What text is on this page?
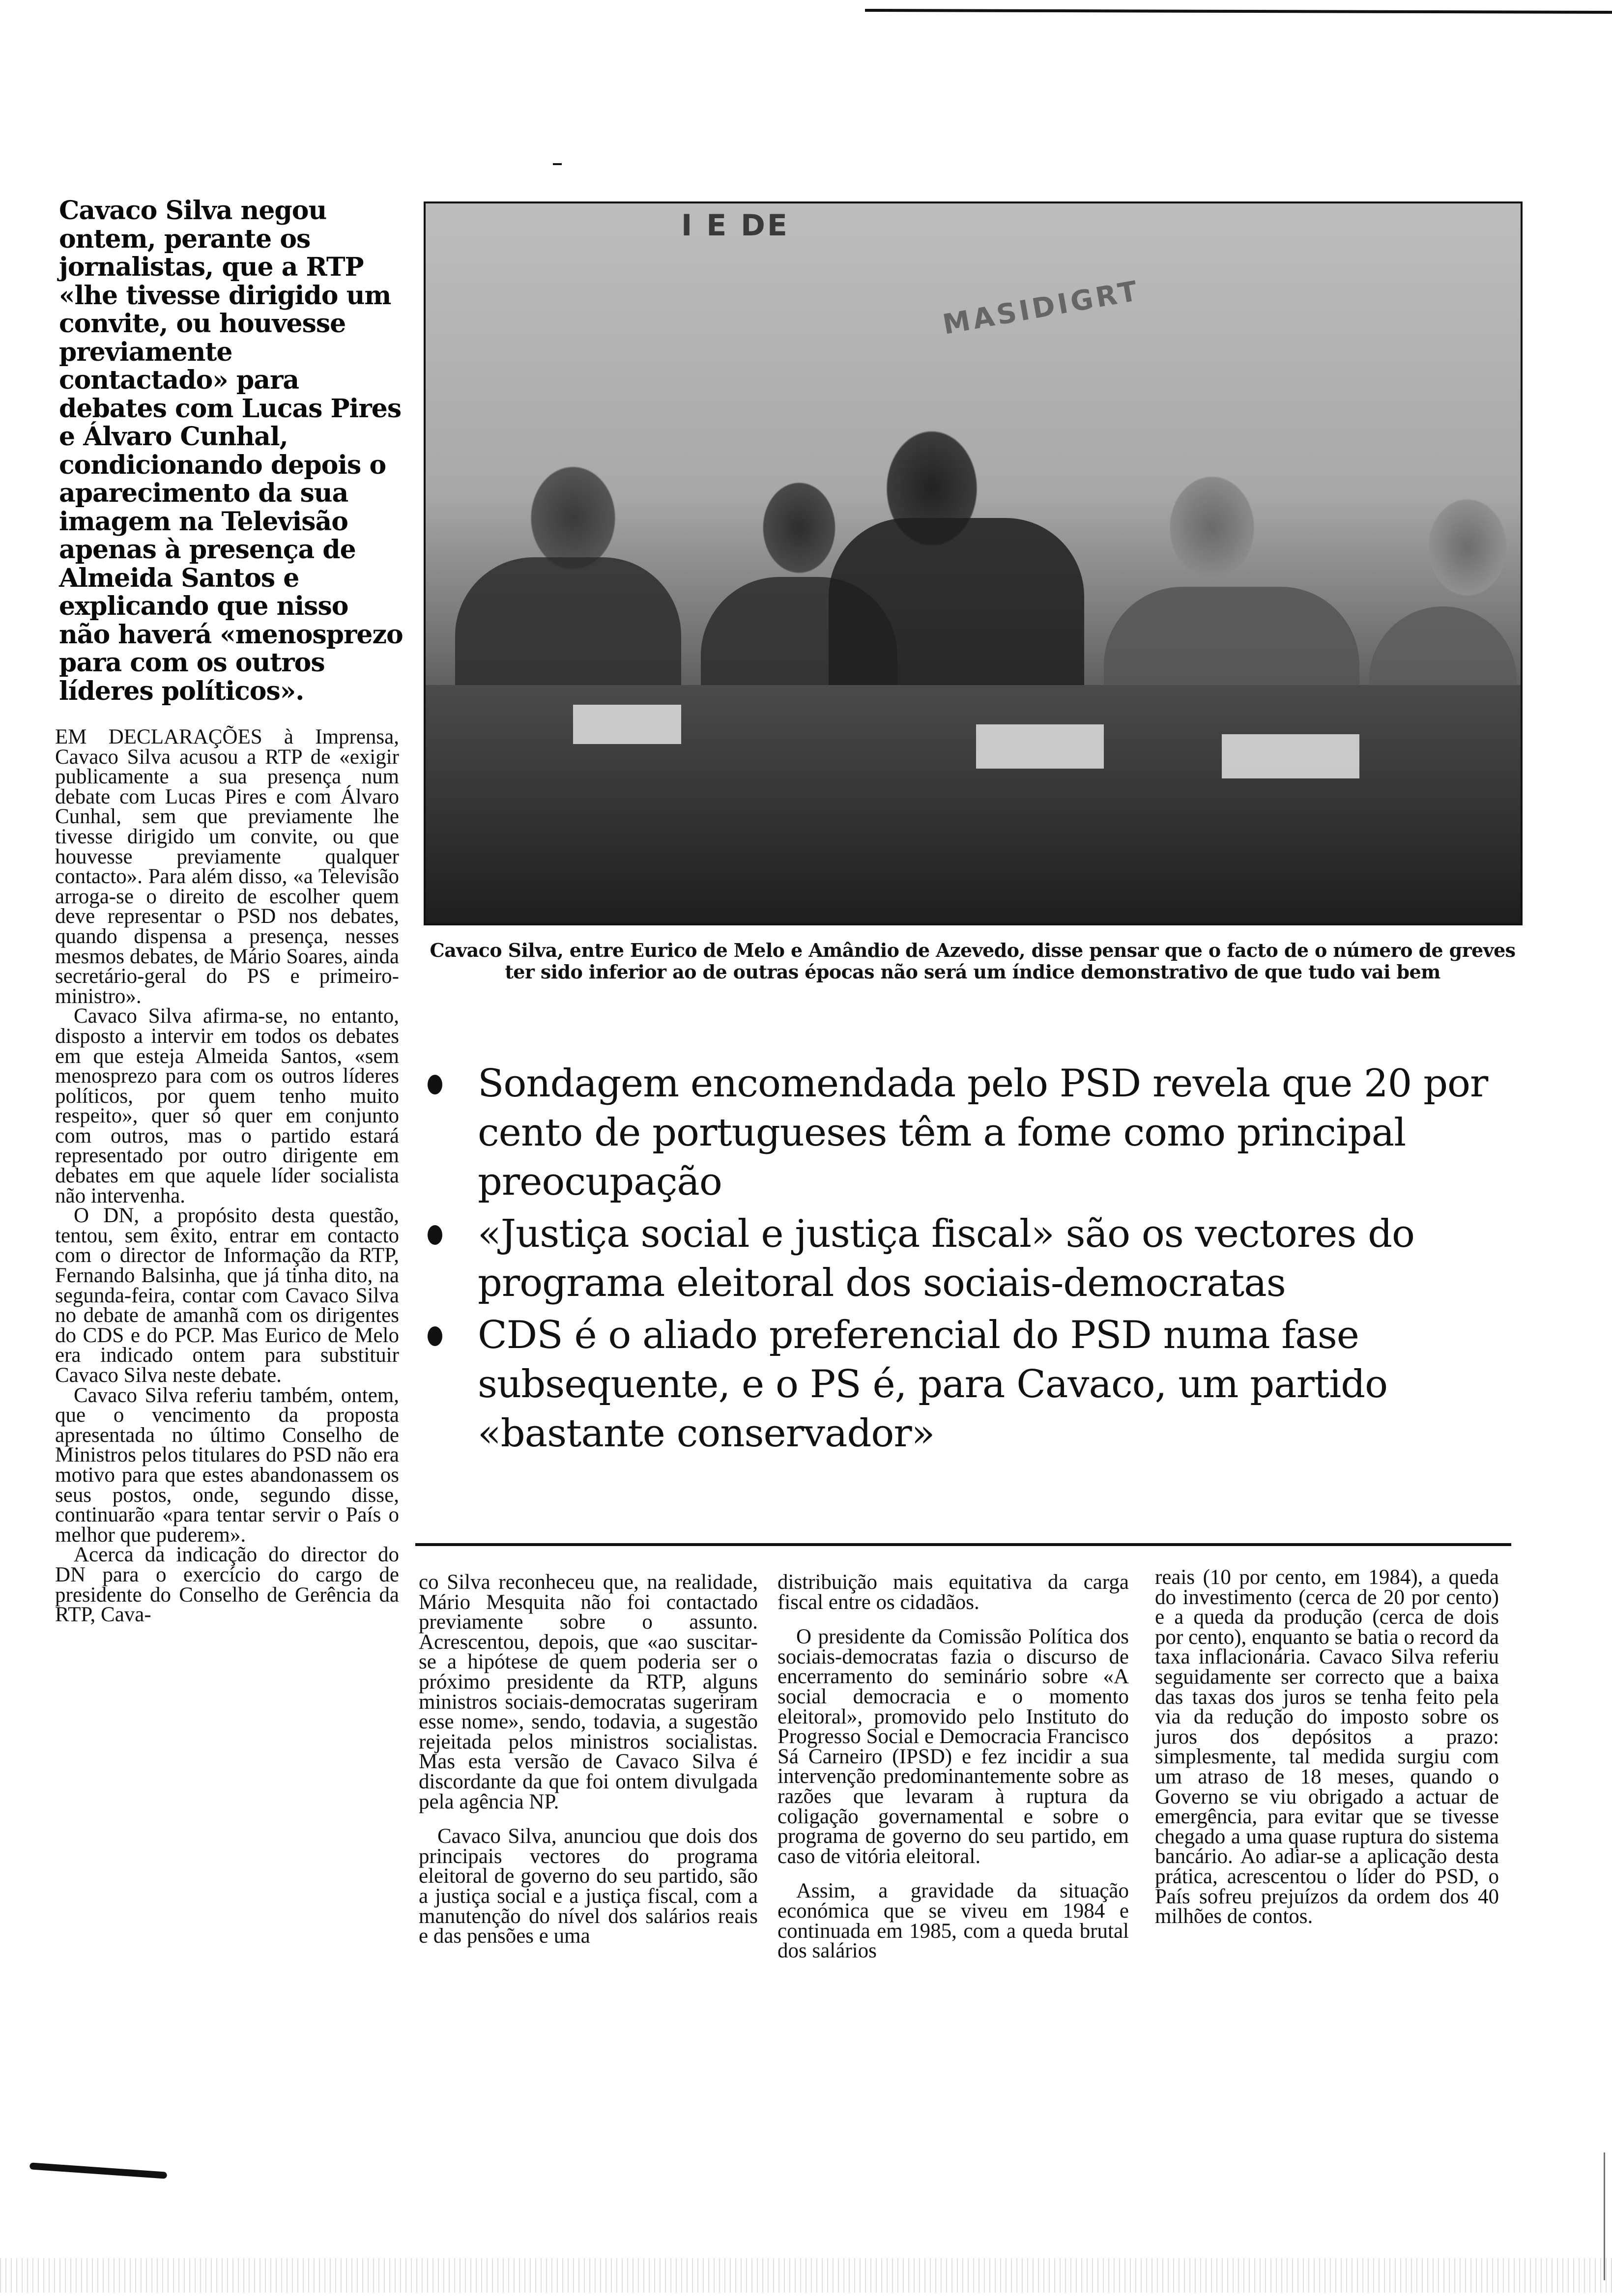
Cavaco Silva negou ontem, perante os jornalistas, que a RTP «lhe tivesse dirigido um convite, ou houvesse previamente contactado» para debates com Lucas Pires e Álvaro Cunhal, condicionando depois o aparecimento da sua imagem na Televisão apenas à presença de Almeida Santos e explicando que nisso não haverá «menosprezo para com os outros líderes políticos».
I E DE
MASIDIGRT
Cavaco Silva, entre Eurico de Melo e Amândio de Azevedo, disse pensar que o facto de o número de greves ter sido inferior ao de outras épocas não será um índice demonstrativo de que tudo vai bem
Sondagem encomendada pelo PSD revela que 20 por cento de portugueses têm a fome como principal preocupação
«Justiça social e justiça fiscal» são os vectores do programa eleitoral dos sociais-democratas
CDS é o aliado preferencial do PSD numa fase subsequente, e o PS é, para Cavaco, um partido «bastante conservador»

EM DECLARAÇÕES à Imprensa, Cavaco Silva acusou a RTP de «exigir publicamente a sua presença num debate com Lucas Pires e com Álvaro Cunhal, sem que previamente lhe tivesse dirigido um convite, ou que houvesse previamente qualquer contacto». Para além disso, «a Televisão arroga-se o direito de escolher quem deve representar o PSD nos debates, quando dispensa a presença, nesses mesmos debates, de Mário Soares, ainda secretário-geral do PS e primeiro-ministro».

Cavaco Silva afirma-se, no entanto, disposto a intervir em todos os debates em que esteja Almeida Santos, «sem menosprezo para com os outros líderes políticos, por quem tenho muito respeito», quer só quer em conjunto com outros, mas o partido estará representado por outro dirigente em debates em que aquele líder socialista não intervenha.

O DN, a propósito desta questão, tentou, sem êxito, entrar em contacto com o director de Informação da RTP, Fernando Balsinha, que já tinha dito, na segunda-feira, contar com Cavaco Silva no debate de amanhã com os dirigentes do CDS e do PCP. Mas Eurico de Melo era indicado ontem para substituir Cavaco Silva neste debate.

Cavaco Silva referiu também, ontem, que o vencimento da proposta apresentada no último Conselho de Ministros pelos titulares do PSD não era motivo para que estes abandonassem os seus postos, onde, segundo disse, continuarão «para tentar servir o País o melhor que puderem».

Acerca da indicação do director do DN para o exercício do cargo de presidente do Conselho de Gerência da RTP, Cava-

co Silva reconheceu que, na realidade, Mário Mesquita não foi contactado previamente sobre o assunto. Acrescentou, depois, que «ao suscitar-se a hipótese de quem poderia ser o próximo presidente da RTP, alguns ministros sociais-democratas sugeriram esse nome», sendo, todavia, a sugestão rejeitada pelos ministros socialistas. Mas esta versão de Cavaco Silva é discordante da que foi ontem divulgada pela agência NP.

Cavaco Silva, anunciou que dois dos principais vectores do programa eleitoral de governo do seu partido, são a justiça social e a justiça fiscal, com a manutenção do nível dos salários reais e das pensões e uma

distribuição mais equitativa da carga fiscal entre os cidadãos.

O presidente da Comissão Política dos sociais-democratas fazia o discurso de encerramento do seminário sobre «A social democracia e o momento eleitoral», promovido pelo Instituto do Progresso Social e Democracia Francisco Sá Carneiro (IPSD) e fez incidir a sua intervenção predominantemente sobre as razões que levaram à ruptura da coligação governamental e sobre o programa de governo do seu partido, em caso de vitória eleitoral.

Assim, a gravidade da situação económica que se viveu em 1984 e continuada em 1985, com a queda brutal dos salários

reais (10 por cento, em 1984), a queda do investimento (cerca de 20 por cento) e a queda da produção (cerca de dois por cento), enquanto se batia o record da taxa inflacionária. Cavaco Silva referiu seguidamente ser correcto que a baixa das taxas dos juros se tenha feito pela via da redução do imposto sobre os juros dos depósitos a prazo: simplesmente, tal medida surgiu com um atraso de 18 meses, quando o Governo se viu obrigado a actuar de emergência, para evitar que se tivesse chegado a uma quase ruptura do sistema bancário. Ao adiar-se a aplicação desta prática, acrescentou o líder do PSD, o País sofreu prejuízos da ordem dos 40 milhões de contos.
